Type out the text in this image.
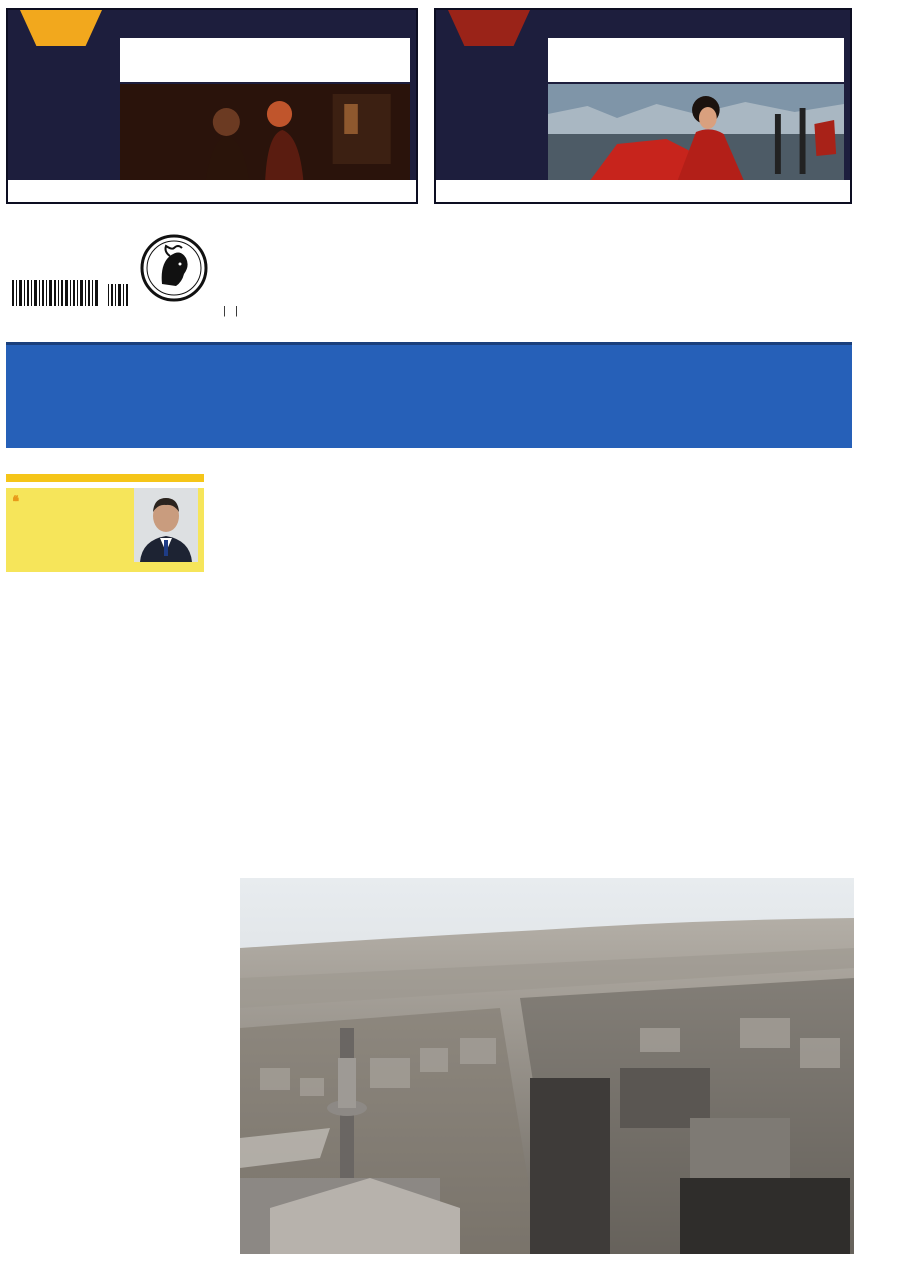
|   |

❛❛
